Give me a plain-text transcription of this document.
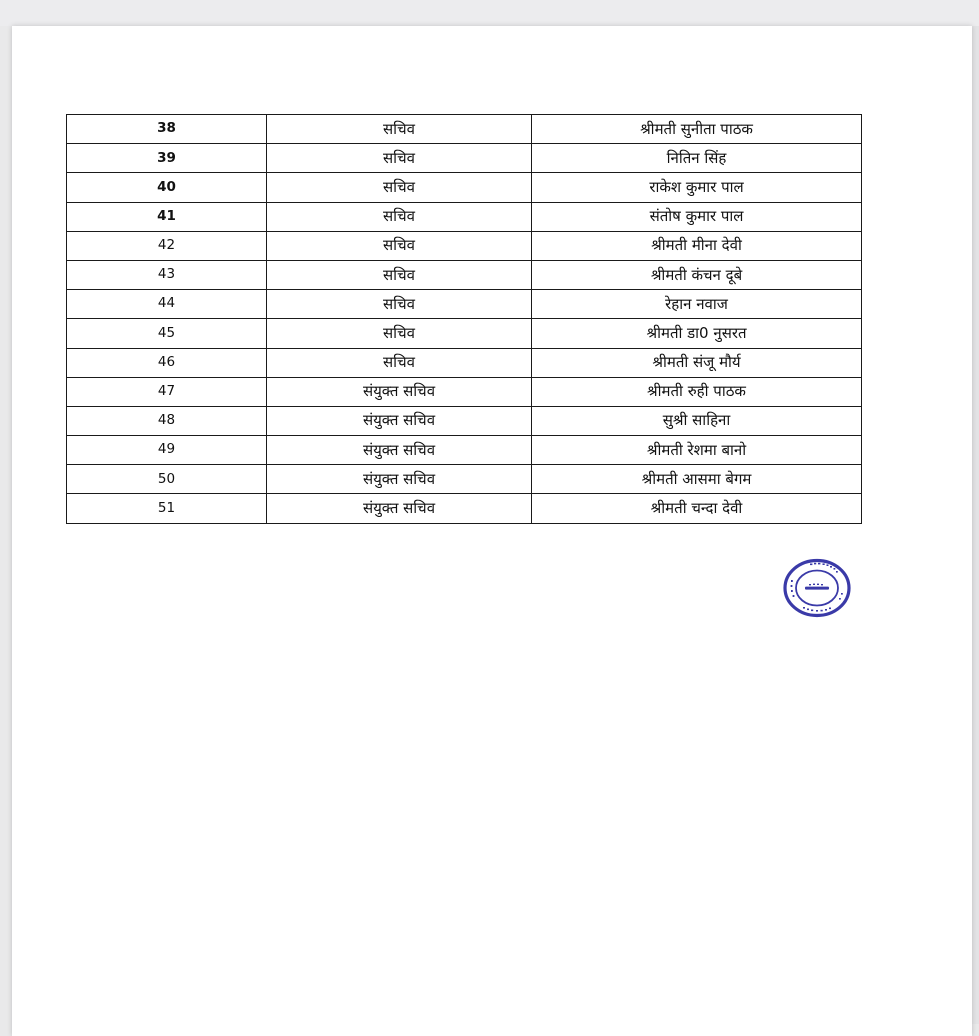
38	सचिव	श्रीमती सुनीता पाठक
39	सचिव	नितिन सिंह
40	सचिव	राकेश कुमार पाल
41	सचिव	संतोष कुमार पाल
42	सचिव	श्रीमती मीना देवी
43	सचिव	श्रीमती कंचन दूबे
44	सचिव	रेहान नवाज
45	सचिव	श्रीमती डा0 नुसरत
46	सचिव	श्रीमती संजू मौर्य
47	संयुक्त सचिव	श्रीमती रुही पाठक
48	संयुक्त सचिव	सुश्री साहिना
49	संयुक्त सचिव	श्रीमती रेशमा बानो
50	संयुक्त सचिव	श्रीमती आसमा बेगम
51	संयुक्त सचिव	श्रीमती चन्दा देवी
